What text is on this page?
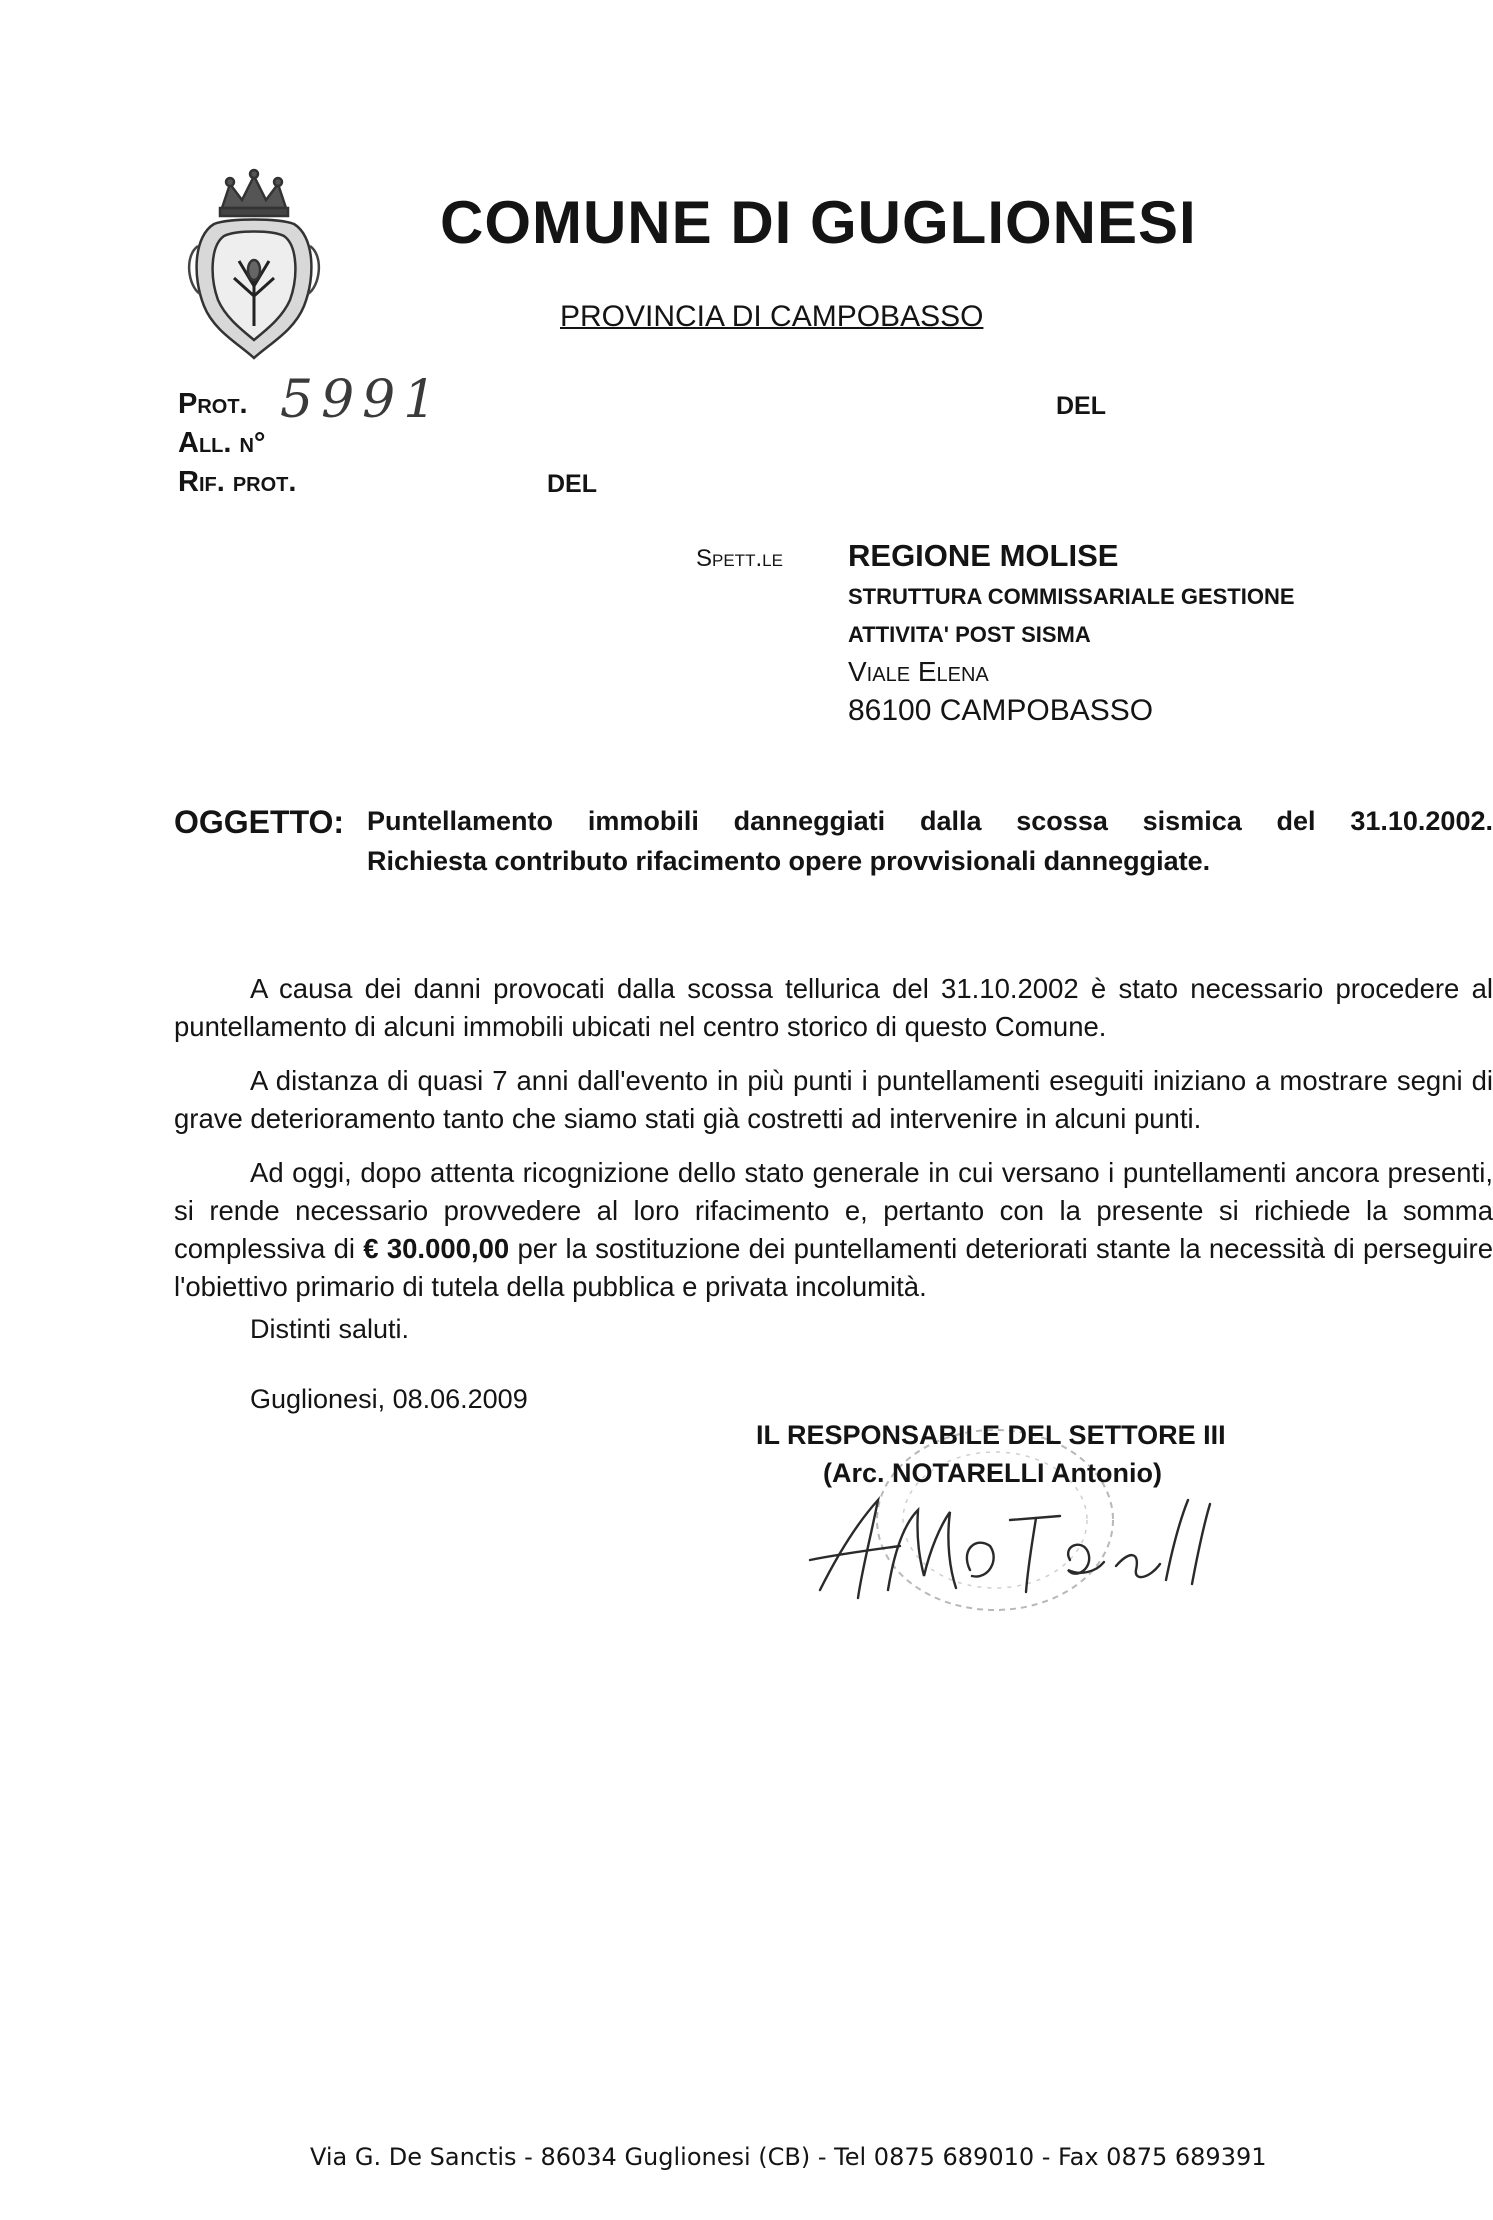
COMUNE DI GUGLIONESI
PROVINCIA DI CAMPOBASSO
Prot. 5991
All. n°
Rif. prot.
DEL
DEL
Spett.le REGIONE MOLISE
STRUTTURA COMMISSARIALE GESTIONE
ATTIVITA' POST SISMA
Viale Elena
86100 CAMPOBASSO
OGGETTO: Puntellamento immobili danneggiati dalla scossa sismica del 31.10.2002.
Richiesta contributo rifacimento opere provvisionali danneggiate.

A causa dei danni provocati dalla scossa tellurica del 31.10.2002 è stato necessario procedere al puntellamento di alcuni immobili ubicati nel centro storico di questo Comune.

A distanza di quasi 7 anni dall'evento in più punti i puntellamenti eseguiti iniziano a mostrare segni di grave deterioramento tanto che siamo stati già costretti ad intervenire in alcuni punti.

Ad oggi, dopo attenta ricognizione dello stato generale in cui versano i puntellamenti ancora presenti, si rende necessario provvedere al loro rifacimento e, pertanto con la presente si richiede la somma complessiva di € 30.000,00 per la sostituzione dei puntellamenti deteriorati stante la necessità di perseguire l'obiettivo primario di tutela della pubblica e privata incolumità.

Distinti saluti.
Guglionesi, 08.06.2009
IL RESPONSABILE DEL SETTORE III
(Arc. NOTARELLI Antonio)
Via G. De Sanctis - 86034 Guglionesi (CB) - Tel 0875 689010 - Fax 0875 689391
